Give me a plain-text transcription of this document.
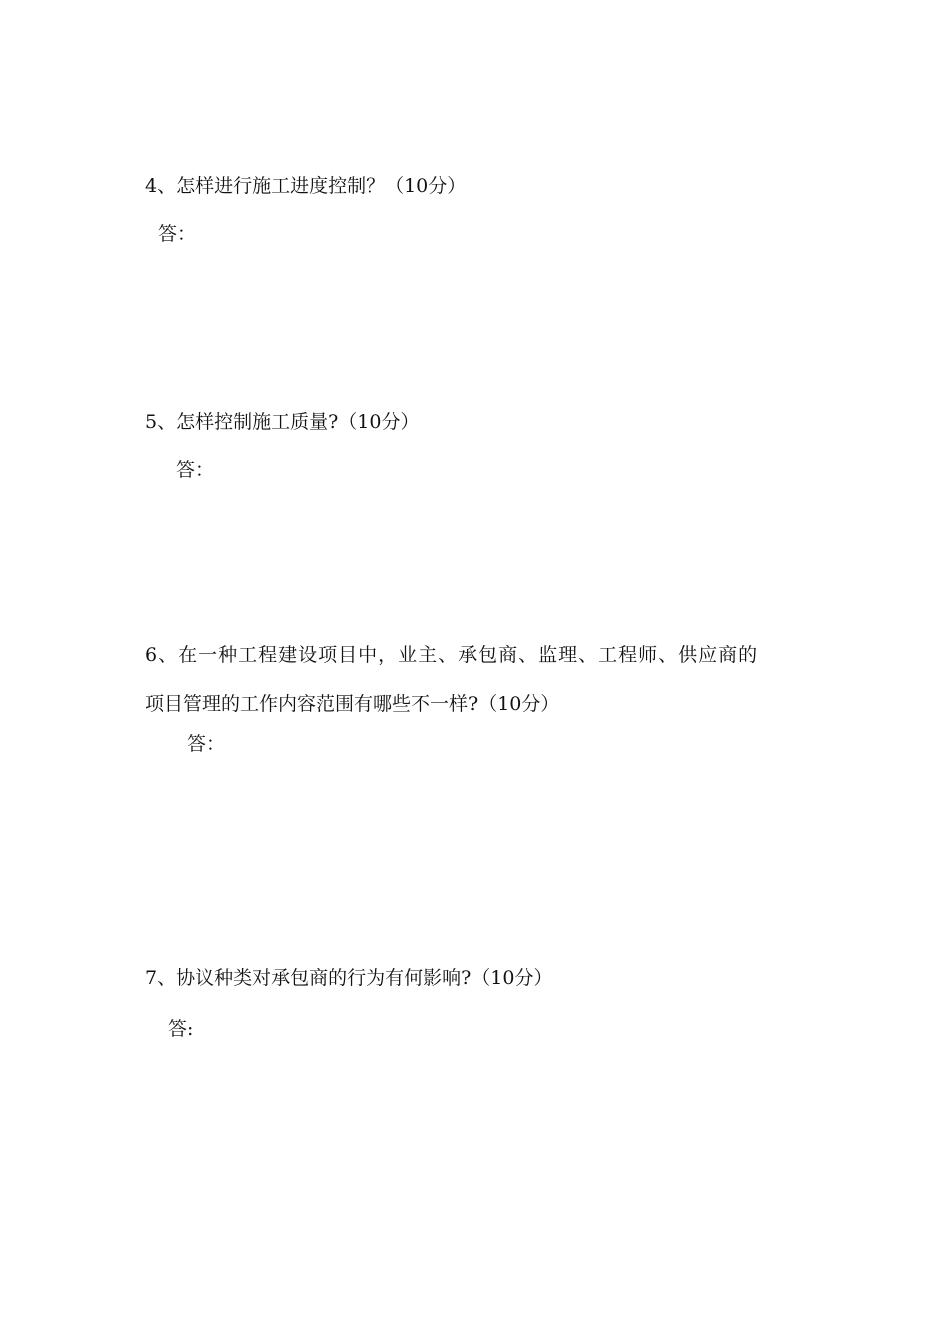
4、怎样进行施工进度控制？（10分）
答：
5、怎样控制施工质量?（10分）
答：
6、在一种工程建设项目中，业主、承包商、监理、工程师、供应商的
项目管理的工作内容范围有哪些不一样?（10分）
答：
7、协议种类对承包商的行为有何影响?（10分）
答:
